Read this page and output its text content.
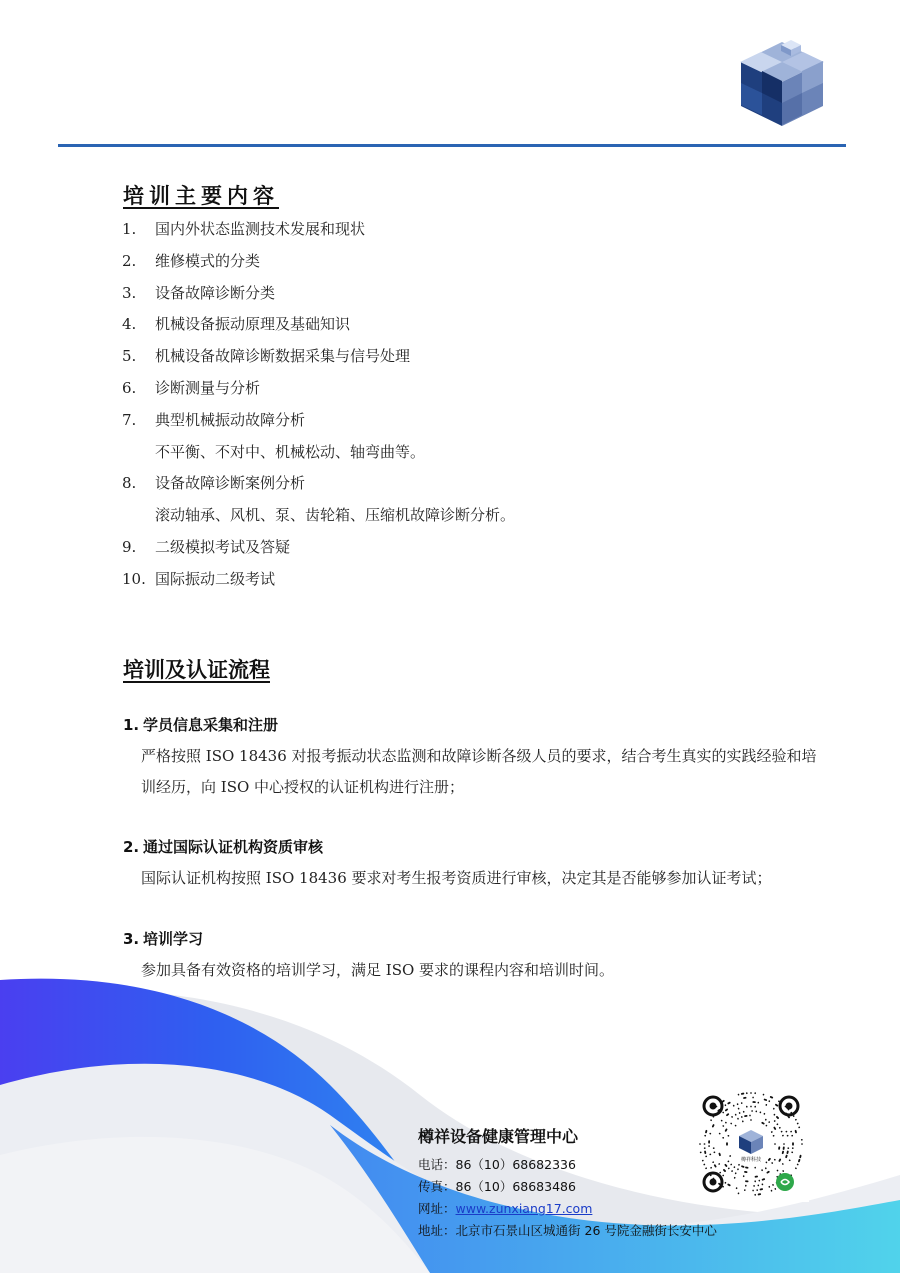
培训主要内容
1. 国内外状态监测技术发展和现状
2. 维修模式的分类
3. 设备故障诊断分类
4. 机械设备振动原理及基础知识
5. 机械设备故障诊断数据采集与信号处理
6. 诊断测量与分析
7. 典型机械振动故障分析
不平衡、不对中、机械松动、轴弯曲等。
8. 设备故障诊断案例分析
滚动轴承、风机、泵、齿轮箱、压缩机故障诊断分析。
9. 二级模拟考试及答疑
10. 国际振动二级考试
培训及认证流程

1. 学员信息采集和注册

严格按照 ISO 18436 对报考振动状态监测和故障诊断各级人员的要求，结合考生真实的实践经验和培训经历，向 ISO 中心授权的认证机构进行注册；

2. 通过国际认证机构资质审核

国际认证机构按照 ISO 18436 要求对考生报考资质进行审核，决定其是否能够参加认证考试；

3. 培训学习

参加具备有效资格的培训学习，满足 ISO 要求的课程内容和培训时间。

樽祥设备健康管理中心

电话：86（10）68682336
传真：86（10）68683486
网址：www.zunxiang17.com
地址：北京市石景山区城通街 26 号院金融街长安中心
樽祥科技
